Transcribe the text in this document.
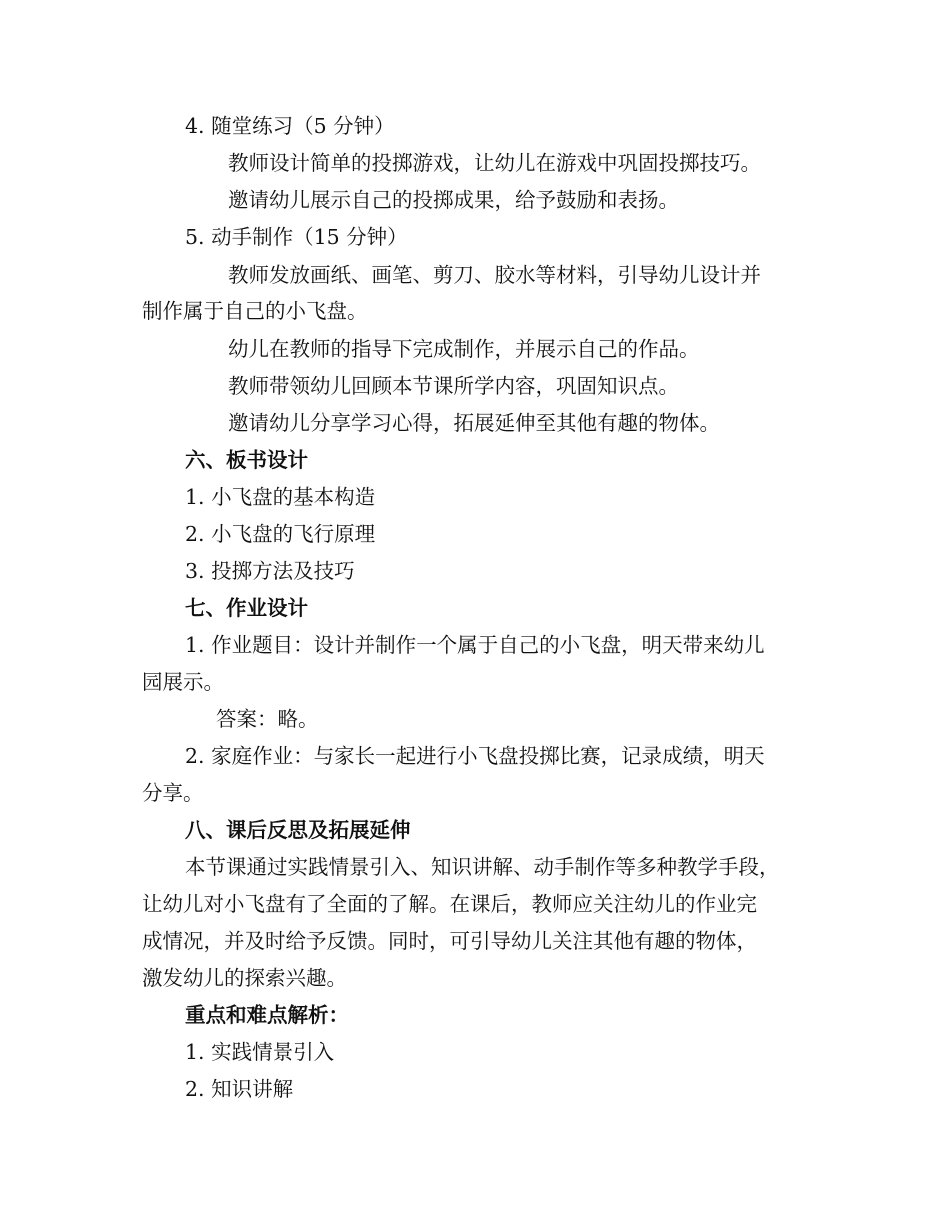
4. 随堂练习（5 分钟）
教师设计简单的投掷游戏，让幼儿在游戏中巩固投掷技巧。
邀请幼儿展示自己的投掷成果，给予鼓励和表扬。
5. 动手制作（15 分钟）
教师发放画纸、画笔、剪刀、胶水等材料，引导幼儿设计并
制作属于自己的小飞盘。
幼儿在教师的指导下完成制作，并展示自己的作品。
教师带领幼儿回顾本节课所学内容，巩固知识点。
邀请幼儿分享学习心得，拓展延伸至其他有趣的物体。
六、板书设计
1. 小飞盘的基本构造
2. 小飞盘的飞行原理
3. 投掷方法及技巧
七、作业设计
1. 作业题目：设计并制作一个属于自己的小飞盘，明天带来幼儿
园展示。
答案：略。
2. 家庭作业：与家长一起进行小飞盘投掷比赛，记录成绩，明天
分享。
八、课后反思及拓展延伸
本节课通过实践情景引入、知识讲解、动手制作等多种教学手段，
让幼儿对小飞盘有了全面的了解。在课后，教师应关注幼儿的作业完
成情况，并及时给予反馈。同时，可引导幼儿关注其他有趣的物体，
激发幼儿的探索兴趣。
重点和难点解析：
1. 实践情景引入
2. 知识讲解
